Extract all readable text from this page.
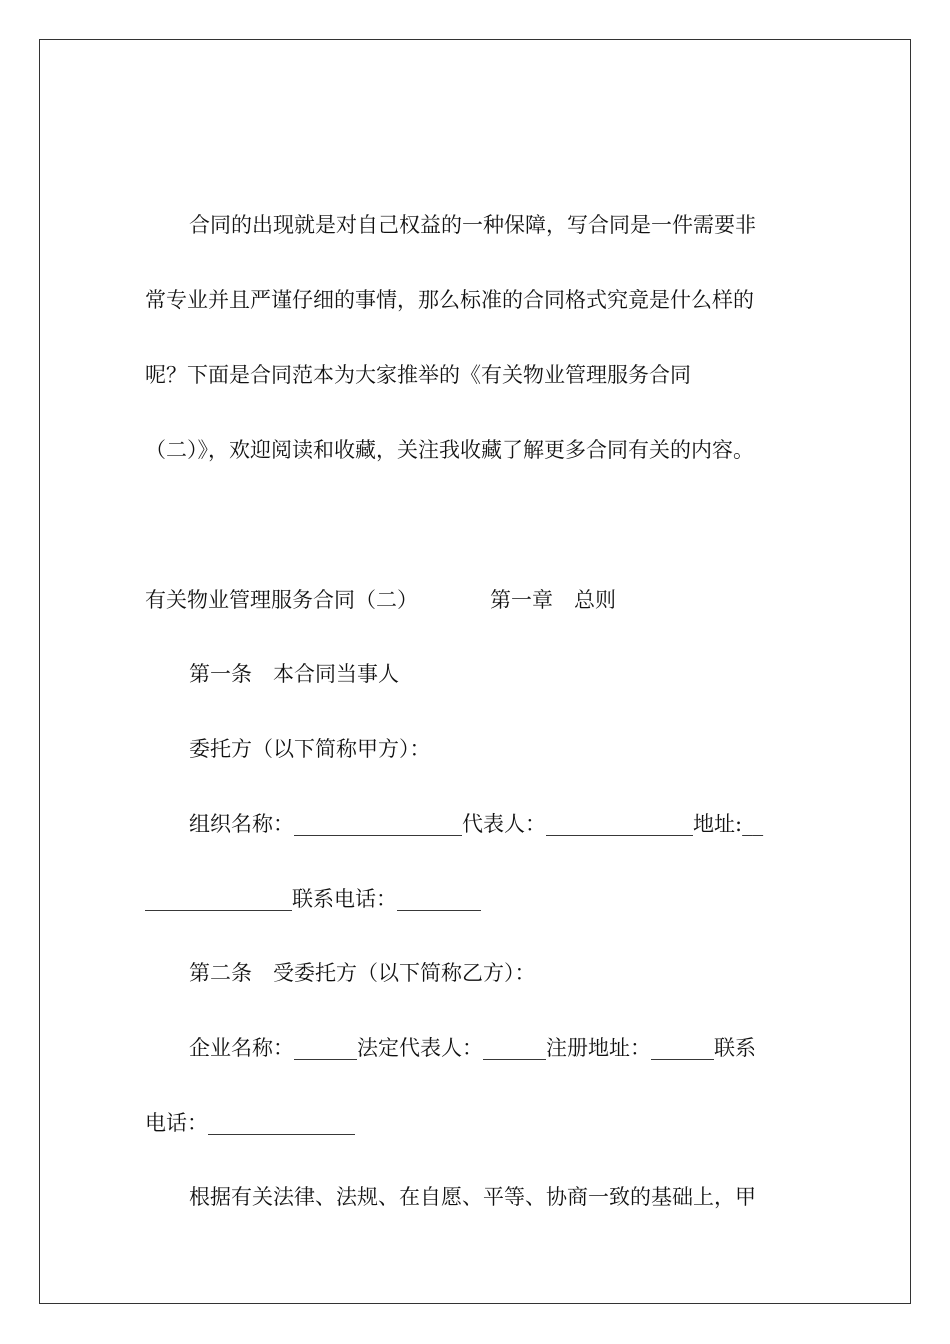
合同的出现就是对自己权益的一种保障，写合同是一件需要非
常专业并且严谨仔细的事情，那么标准的合同格式究竟是什么样的
呢？下面是合同范本为大家推举的《有关物业管理服务合同
（二）》，欢迎阅读和收藏，关注我收藏了解更多合同有关的内容。
有关物业管理服务合同（二）	第一章　总则
第一条　本合同当事人
委托方（以下简称甲方）：
组织名称：________________代表人：______________地址:__
______________联系电话：________
第二条　受委托方（以下简称乙方）：
企业名称：______法定代表人：______注册地址：______联系
电话：______________
根据有关法律、法规、在自愿、平等、协商一致的基础上，甲
